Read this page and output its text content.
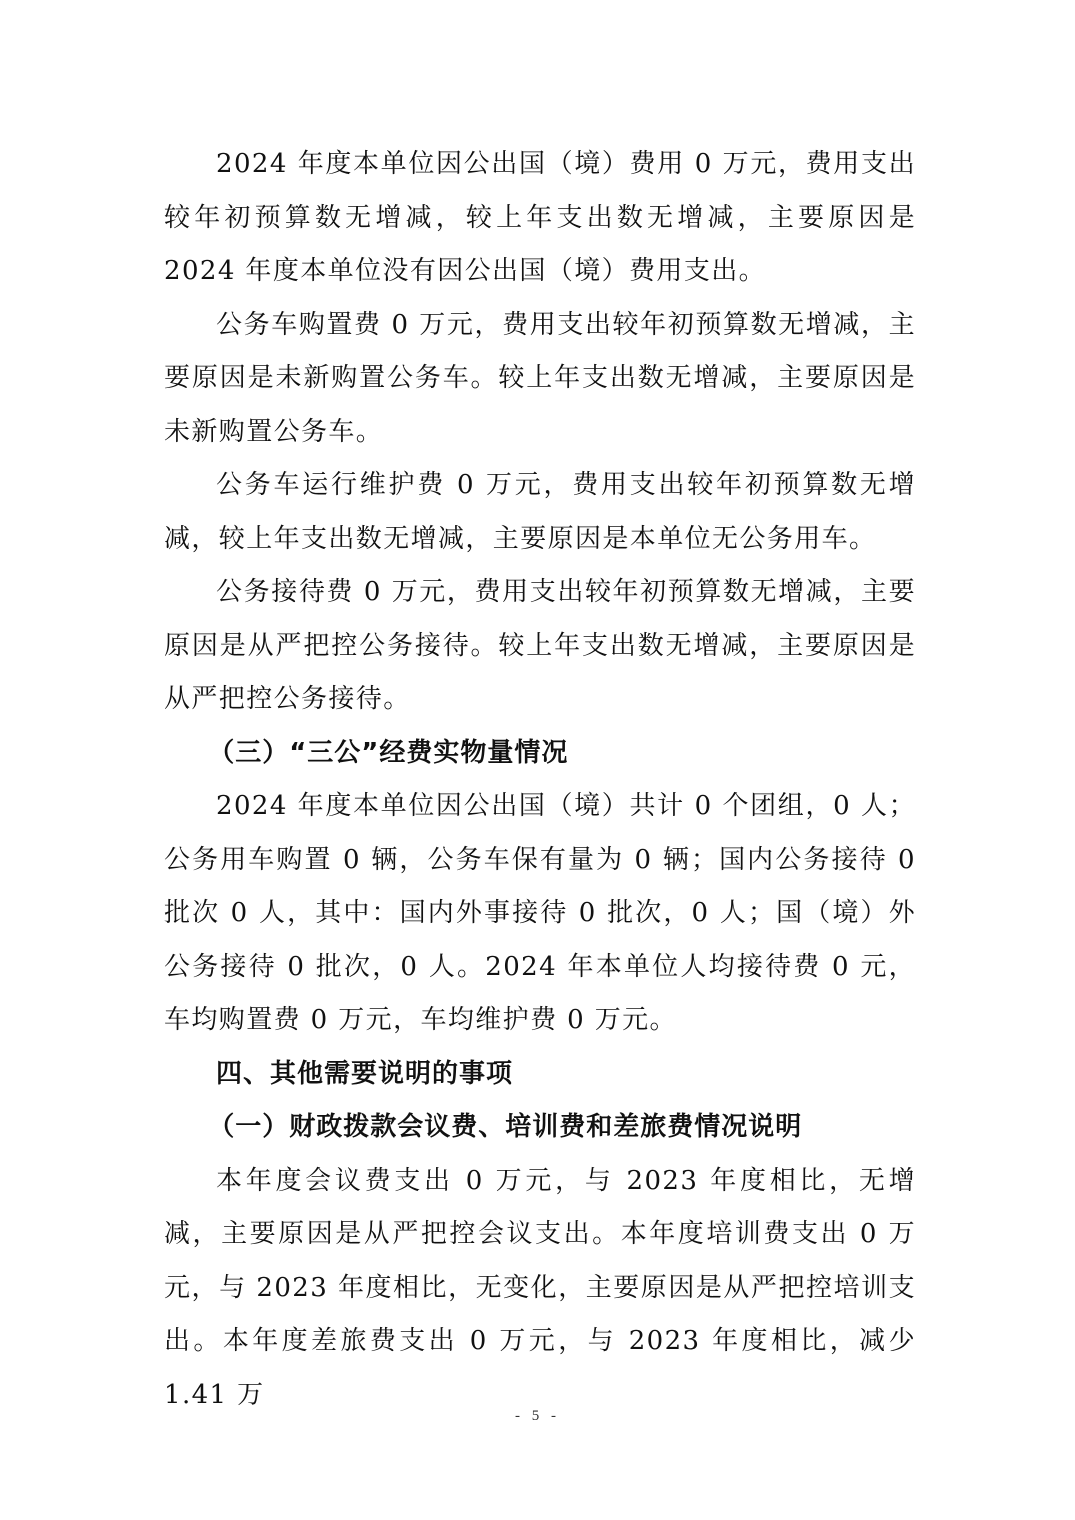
2024 年度本单位因公出国（境）费用 0 万元，费用支出较年初预算数无增减，较上年支出数无增减，主要原因是 2024 年度本单位没有因公出国（境）费用支出。

公务车购置费 0 万元，费用支出较年初预算数无增减，主要原因是未新购置公务车。较上年支出数无增减，主要原因是未新购置公务车。

公务车运行维护费 0 万元，费用支出较年初预算数无增减，较上年支出数无增减，主要原因是本单位无公务用车。

公务接待费 0 万元，费用支出较年初预算数无增减，主要原因是从严把控公务接待。较上年支出数无增减，主要原因是从严把控公务接待。

（三）“三公”经费实物量情况

2024 年度本单位因公出国（境）共计 0 个团组，0 人；公务用车购置 0 辆，公务车保有量为 0 辆；国内公务接待 0 批次 0 人，其中：国内外事接待 0 批次，0 人；国（境）外公务接待 0 批次，0 人。2024 年本单位人均接待费 0 元，车均购置费 0 万元，车均维护费 0 万元。

四、其他需要说明的事项

（一）财政拨款会议费、培训费和差旅费情况说明

本年度会议费支出 0 万元，与 2023 年度相比，无增减，主要原因是从严把控会议支出。本年度培训费支出 0 万元，与 2023 年度相比，无变化，主要原因是从严把控培训支出。本年度差旅费支出 0 万元，与 2023 年度相比，减少 1.41 万

- 5 -
